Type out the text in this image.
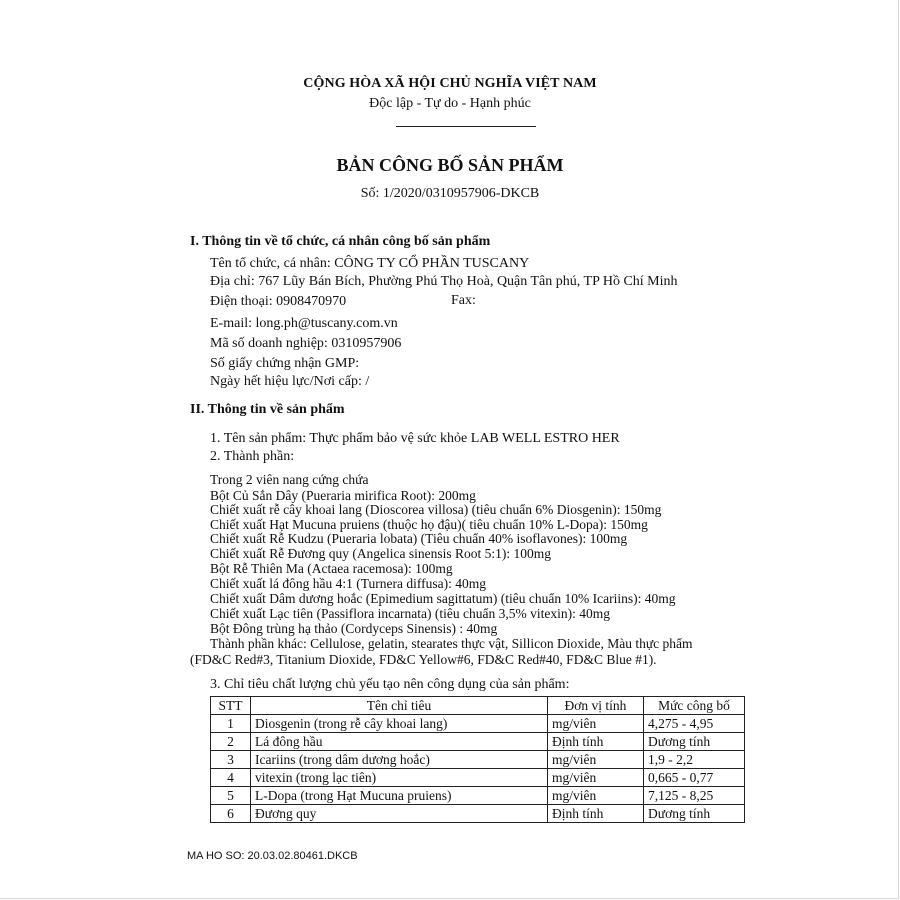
CỘNG HÒA XÃ HỘI CHỦ NGHĨA VIỆT NAM
Độc lập - Tự do - Hạnh phúc
BẢN CÔNG BỐ SẢN PHẨM
Số: 1/2020/0310957906-DKCB
I. Thông tin về tổ chức, cá nhân công bố sản phẩm
Tên tổ chức, cá nhân: CÔNG TY CỔ PHẦN TUSCANY
Địa chỉ: 767 Lũy Bán Bích, Phường Phú Thọ Hoà, Quận Tân phú, TP Hồ Chí Minh
Điện thoại: 0908470970	Fax:
E-mail: long.ph@tuscany.com.vn
Mã số doanh nghiệp: 0310957906
Số giấy chứng nhận GMP:
Ngày hết hiệu lực/Nơi cấp: /
II. Thông tin về sản phẩm
1. Tên sản phẩm: Thực phẩm bảo vệ sức khỏe LAB WELL ESTRO HER
2. Thành phần:
Trong 2 viên nang cứng chứa
Bột Củ Sắn Dây (Pueraria mirifica Root): 200mg
Chiết xuất rễ cây khoai lang (Dioscorea villosa) (tiêu chuẩn 6% Diosgenin): 150mg
Chiết xuất Hạt Mucuna pruiens (thuộc họ đậu)( tiêu chuẩn 10% L-Dopa): 150mg
Chiết xuất Rễ Kudzu (Pueraria lobata) (Tiêu chuẩn 40% isoflavones): 100mg
Chiết xuất Rễ Đương quy (Angelica sinensis Root 5:1): 100mg
Bột Rễ Thiên Ma (Actaea racemosa): 100mg
Chiết xuất lá đông hầu 4:1 (Turnera diffusa): 40mg
Chiết xuất Dâm dương hoắc (Epimedium sagittatum) (tiêu chuẩn 10% Icariins): 40mg
Chiết xuất Lạc tiên (Passiflora incarnata) (tiêu chuẩn 3,5% vitexin): 40mg
Bột Đông trùng hạ thảo (Cordyceps Sinensis) : 40mg
Thành phần khác: Cellulose, gelatin, stearates thực vật, Sillicon Dioxide, Màu thực phẩm
(FD&C Red#3, Titanium Dioxide, FD&C Yellow#6, FD&C Red#40, FD&C Blue #1).
3. Chỉ tiêu chất lượng chủ yếu tạo nên công dụng của sản phẩm:
STT	Tên chỉ tiêu	Đơn vị tính	Mức công bố
1	Diosgenin (trong rễ cây khoai lang)	mg/viên	4,275 - 4,95
2	Lá đông hầu	Định tính	Dương tính
3	Icariins (trong dâm dương hoắc)	mg/viên	1,9 - 2,2
4	vitexin (trong lạc tiên)	mg/viên	0,665 - 0,77
5	L-Dopa (trong Hạt Mucuna pruiens)	mg/viên	7,125 - 8,25
6	Đương quy	Định tính	Dương tính
MA HO SO: 20.03.02.80461.DKCB
